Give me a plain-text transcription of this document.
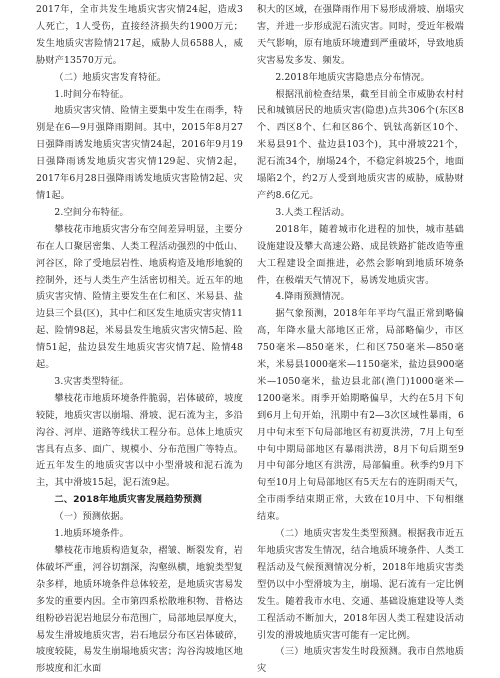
2017年，全市共发生地质灾害灾情24起，造成3人死亡，1人受伤，直接经济损失约1900万元；发生地质灾害险情217起，威胁人员6588人，威胁财产13570万元。

（二）地质灾害发育特征。

1.时间分布特征。

地质灾害灾情、险情主要集中发生在雨季，特别是在6—9月强降雨期间。其中，2015年8月27日强降雨诱发地质灾害灾情24起，2016年9月19日强降雨诱发地质灾害灾情129起、灾情2起，2017年6月28日强降雨诱发地质灾害险情2起、灾情1起。

2.空间分布特征。

攀枝花市地质灾害分布空间差异明显，主要分布在人口聚居密集、人类工程活动强烈的中低山、河谷区，除了受地层岩性、地质构造及地形地貌的控制外，还与人类生产生活密切相关。近五年的地质灾害灾情、险情主要发生在仁和区、米易县、盐边县三个县(区)，其中仁和区发生地质灾害灾情11起、险情98起，米易县发生地质灾害灾情5起、险情51起，盐边县发生地质灾害灾情7起、险情48起。

3.灾害类型特征。

攀枝花市地质环境条件脆弱，岩体破碎，坡度较陡，地质灾害以崩塌、滑坡、泥石流为主，多沿沟谷、河岸、道路等线状工程分布。总体上地质灾害具有点多、面广、规模小、分布范围广等特点。近五年发生的地质灾害以中小型滑坡和泥石流为主，其中滑坡15起，泥石流9起。

二、2018年地质灾害发展趋势预测

（一）预测依据。

1.地质环境条件。

攀枝花市地质构造复杂，褶皱、断裂发育，岩体破坏严重，河谷切割深，沟壑纵横，地貌类型复杂多样，地质环境条件总体较差，是地质灾害易发多发的重要内因。全市第四系松散堆积物、昔格达组粉砂岩泥岩地层分布范围广，局部地层厚度大，易发生滑坡地质灾害，岩石地层分布区岩体破碎，坡度较陡，易发生崩塌地质灾害；沟谷沟坡地区地形坡度和汇水面

积大的区域，在强降雨作用下易形成滑坡、崩塌灾害，并进一步形成泥石流灾害。同时，受近年极端天气影响，原有地质环境遭到严重破坏，导致地质灾害易发多发、频发。

2.2018年地质灾害隐患点分布情况。

根据汛前检查结果，截至目前全市威胁农村村民和城镇居民的地质灾害(隐患)点共306个(东区8个、西区8个、仁和区86个、钒钛高新区10个、米易县91个、盐边县103个)，其中滑坡221个，泥石流34个，崩塌24个，不稳定斜坡25个，地面塌陷2个，约2万人受到地质灾害的威胁，威胁财产约8.6亿元。

3.人类工程活动。

2018年，随着城市化进程的加快，城市基础设施建设及攀大高速公路、成昆铁路扩能改造等重大工程建设全面推进，必然会影响到地质环境条件，在极端天气情况下，易诱发地质灾害。

4.降雨预测情况。

据气象预测，2018年年平均气温正常到略偏高，年降水量大部地区正常，局部略偏少，市区750毫米—850毫米，仁和区750毫米—850毫米，米易县1000毫米—1150毫米，盐边县900毫米—1050毫米，盐边县北部(渔门)1000毫米—1200毫米。雨季开始期略偏早，大约在5月下旬到6月上旬开始，汛期中有2—3次区域性暴雨，6月中旬末至下旬局部地区有初夏洪涝，7月上旬至中旬中期局部地区有暴雨洪涝，8月下旬后期至9月中旬部分地区有洪涝，局部偏重。秋季约9月下旬至10月上旬局部地区有5天左右的连阴雨天气，全市雨季结束期正常，大致在10月中、下旬相继结束。

（二）地质灾害发生类型预测。根据我市近五年地质灾害发生情况，结合地质环境条件、人类工程活动及气候预测情况分析，2018年地质灾害类型仍以中小型滑坡为主，崩塌、泥石流有一定比例发生。随着我市水电、交通、基础设施建设等人类工程活动不断加大，2018年因人类工程建设活动引发的滑坡地质灾害可能有一定比例。

（三）地质灾害发生时段预测。我市自然地质灾
